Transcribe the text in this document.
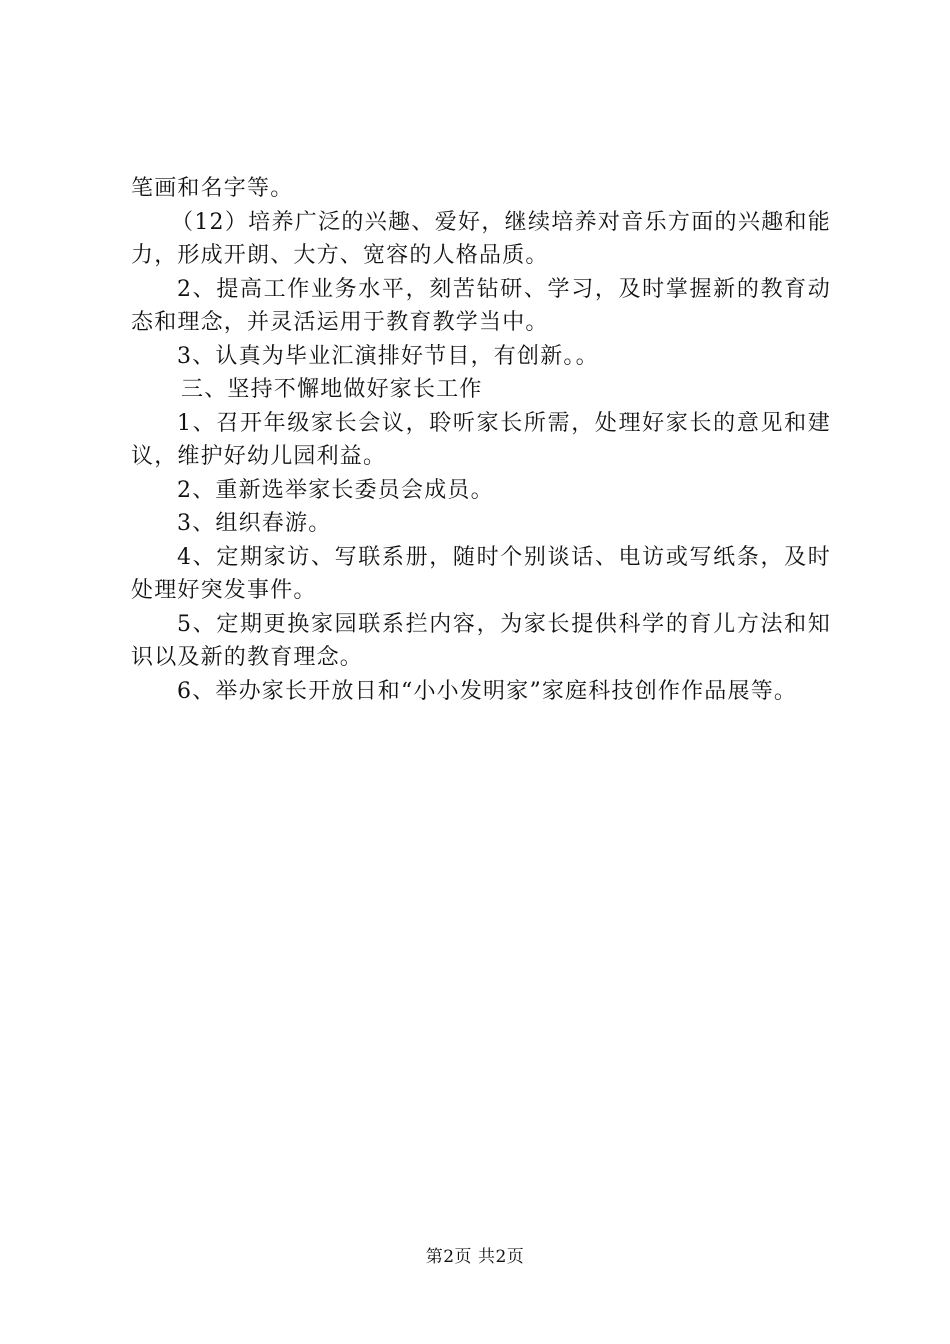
笔画和名字等。

（12）培养广泛的兴趣、爱好，继续培养对音乐方面的兴趣和能力，形成开朗、大方、宽容的人格品质。

2、提高工作业务水平，刻苦钻研、学习，及时掌握新的教育动态和理念，并灵活运用于教育教学当中。

3、认真为毕业汇演排好节目，有创新。。

三、坚持不懈地做好家长工作

1、召开年级家长会议，聆听家长所需，处理好家长的意见和建议，维护好幼儿园利益。

2、重新选举家长委员会成员。

3、组织春游。

4、定期家访、写联系册，随时个别谈话、电访或写纸条，及时处理好突发事件。

5、定期更换家园联系拦内容，为家长提供科学的育儿方法和知识以及新的教育理念。

6、举办家长开放日和“小小发明家”家庭科技创作作品展等。

第2页 共2页
